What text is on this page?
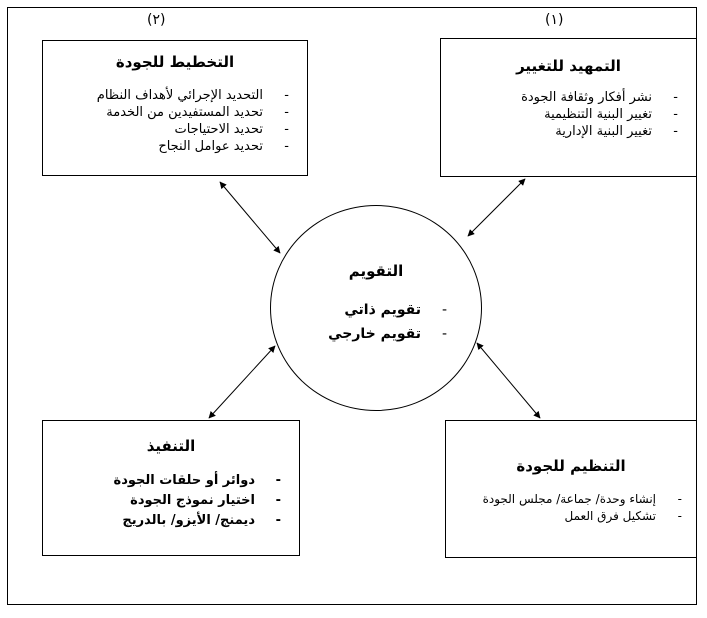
(٢)	(١)
التخطيط للجودة
-التحديد الإجرائي لأهداف النظام
-تحديد المستفيدين من الخدمة
-تحديد الاحتياجات
-تحديد عوامل النجاح
التمهيد للتغيير
-نشر أفكار وثقافة الجودة
-تغيير البنية التنظيمية
-تغيير البنية الإدارية
التقويم
-تقويم ذاتي
-تقويم خارجي
التنفيذ
-دوائر أو حلقات الجودة
-اختيار نموذج الجودة
-ديمنج/ الأيزو/ بالدريج
التنظيم للجودة
-إنشاء وحدة/ جماعة/ مجلس الجودة
-تشكيل فرق العمل
